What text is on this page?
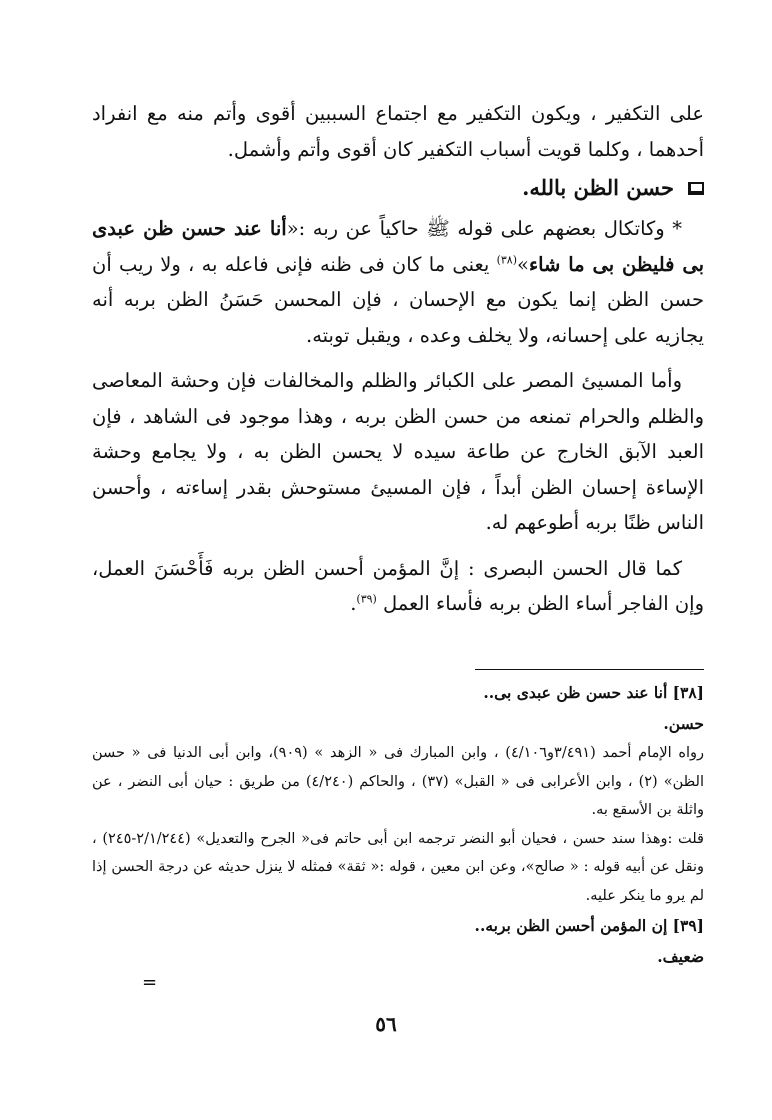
على التكفير ، ويكون التكفير مع اجتماع السببين أقوى وأتم منه مع انفراد أحدهما ، وكلما قويت أسباب التكفير كان أقوى وأتم وأشمل.

حسن الظن بالله.

* وكاتكال بعضهم على قوله ﷺ حاكياً عن ربه :«أنا عند حسن ظن عبدى بى فليظن بى ما شاء»$^{(٣٨)}$ يعنى ما كان فى ظنه فإنى فاعله به ، ولا ريب أن حسن الظن إنما يكون مع الإحسان ، فإن المحسن حَسَنُ الظن بربه أنه يجازيه على إحسانه، ولا يخلف وعده ، ويقبل توبته.

وأما المسيئ المصر على الكبائر والظلم والمخالفات فإن وحشة المعاصى والظلم والحرام تمنعه من حسن الظن بربه ، وهذا موجود فى الشاهد ، فإن العبد الآبق الخارج عن طاعة سيده لا يحسن الظن به ، ولا يجامع وحشة الإساءة إحسان الظن أبداً ، فإن المسيئ مستوحش بقدر إساءته ، وأحسن الناس ظنًا بربه أطوعهم له.

كما قال الحسن البصرى : إنَّ المؤمن أحسن الظن بربه فَأَحْسَنَ العمل، وإن الفاجر أساء الظن بربه فأساء العمل $^{(٣٩)}$.

[٣٨] أنا عند حسن ظن عبدى بى..

حسن.

رواه الإمام أحمد (٣/٤٩١و٤/١٠٦) ، وابن المبارك فى « الزهد » (٩٠٩)، وابن أبى الدنيا فى « حسن الظن» (٢) ، وابن الأعرابى فى « القبل» (٣٧) ، والحاكم (٤/٢٤٠) من طريق : حيان أبى النضر ، عن واثلة بن الأسقع به.

قلت :وهذا سند حسن ، فحيان أبو النضر ترجمه ابن أبى حاتم فى« الجرح والتعديل» (٢/١/٢٤٤-٢٤٥) ، ونقل عن أبيه قوله : « صالح»، وعن ابن معين ، قوله :« ثقة» فمثله لا ينزل حديثه عن درجة الحسن إذا لم يرو ما ينكر عليه.

[٣٩] إن المؤمن أحسن الظن بربه..

ضعيف.

=
٥٦
